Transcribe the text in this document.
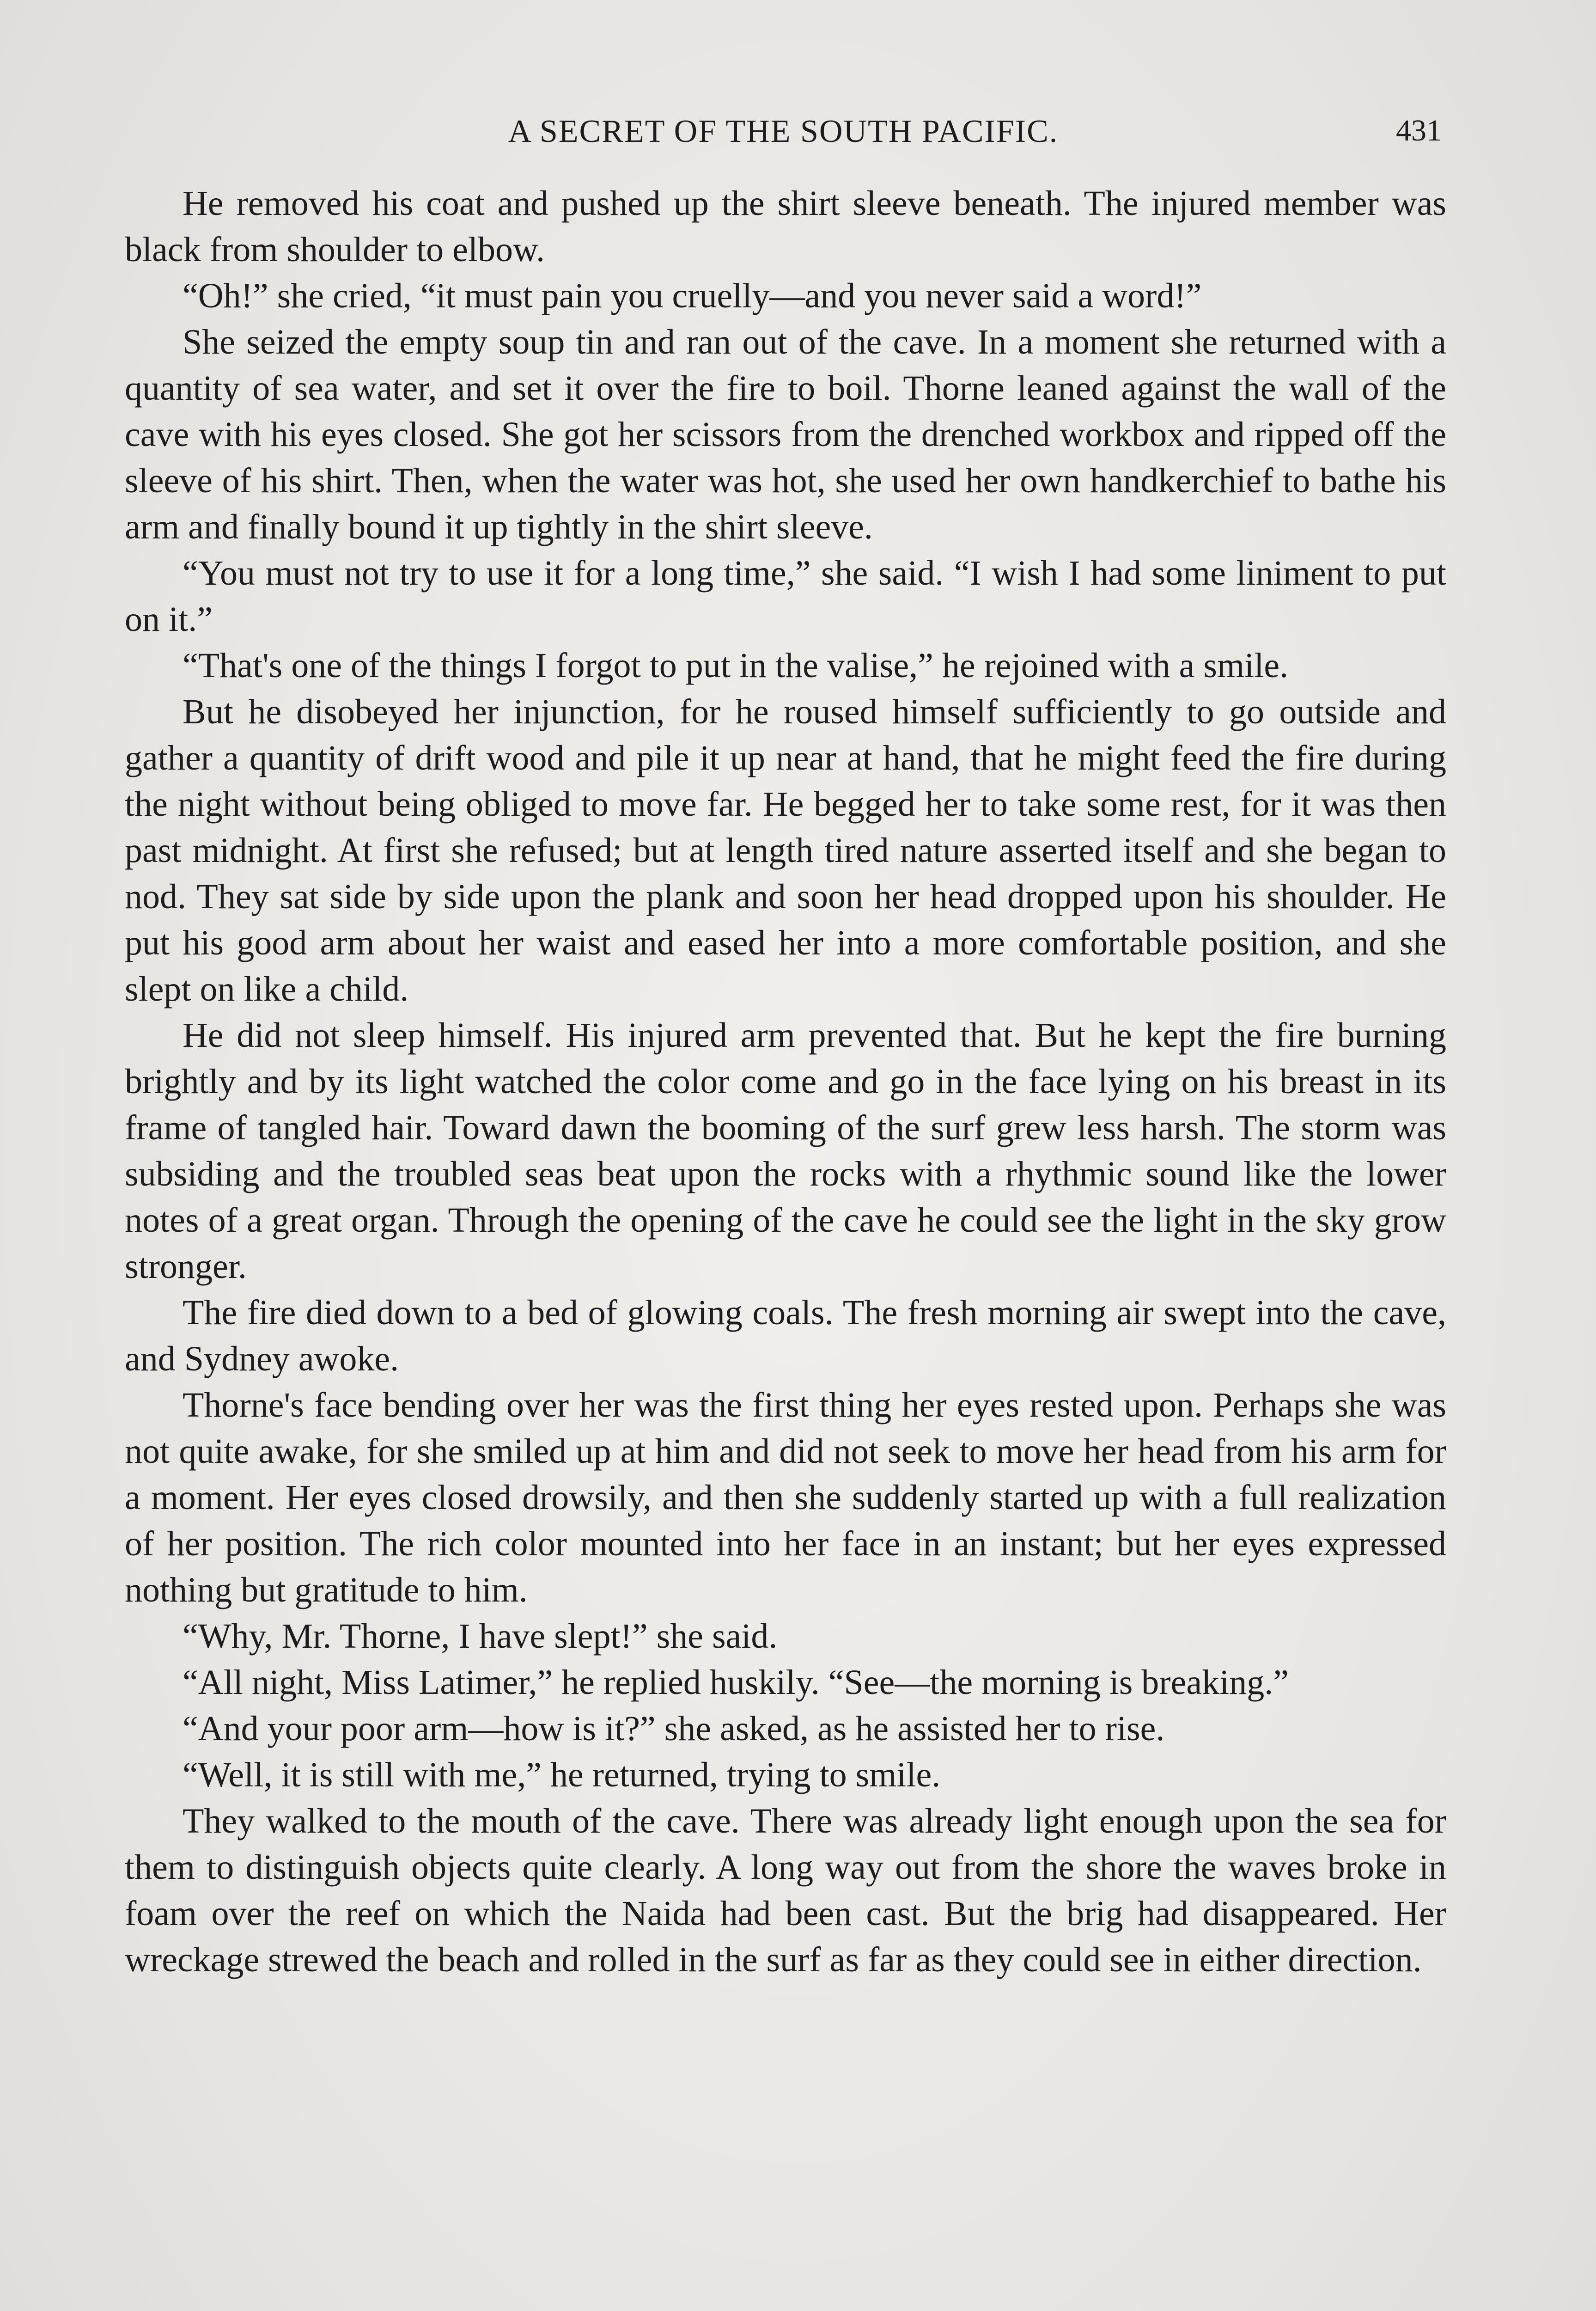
A SECRET OF THE SOUTH PACIFIC.	431

He removed his coat and pushed up the shirt sleeve beneath. The injured member was black from shoulder to elbow.

“Oh!” she cried, “it must pain you cruelly—and you never said a word!”

She seized the empty soup tin and ran out of the cave. In a moment she returned with a quantity of sea water, and set it over the fire to boil. Thorne leaned against the wall of the cave with his eyes closed. She got her scissors from the drenched workbox and ripped off the sleeve of his shirt. Then, when the water was hot, she used her own handkerchief to bathe his arm and finally bound it up tightly in the shirt sleeve.

“You must not try to use it for a long time,” she said. “I wish I had some liniment to put on it.”

“That's one of the things I forgot to put in the valise,” he rejoined with a smile.

But he disobeyed her injunction, for he roused himself sufficiently to go outside and gather a quantity of drift wood and pile it up near at hand, that he might feed the fire during the night without being obliged to move far. He begged her to take some rest, for it was then past midnight. At first she refused; but at length tired nature asserted itself and she began to nod. They sat side by side upon the plank and soon her head dropped upon his shoulder. He put his good arm about her waist and eased her into a more comfortable position, and she slept on like a child.

He did not sleep himself. His injured arm prevented that. But he kept the fire burning brightly and by its light watched the color come and go in the face lying on his breast in its frame of tangled hair. Toward dawn the booming of the surf grew less harsh. The storm was subsiding and the troubled seas beat upon the rocks with a rhythmic sound like the lower notes of a great organ. Through the opening of the cave he could see the light in the sky grow stronger.

The fire died down to a bed of glowing coals. The fresh morning air swept into the cave, and Sydney awoke.

Thorne's face bending over her was the first thing her eyes rested upon. Perhaps she was not quite awake, for she smiled up at him and did not seek to move her head from his arm for a moment. Her eyes closed drowsily, and then she suddenly started up with a full realization of her position. The rich color mounted into her face in an instant; but her eyes expressed nothing but gratitude to him.

“Why, Mr. Thorne, I have slept!” she said.

“All night, Miss Latimer,” he replied huskily. “See—the morning is breaking.”

“And your poor arm—how is it?” she asked, as he assisted her to rise.

“Well, it is still with me,” he returned, trying to smile.

They walked to the mouth of the cave. There was already light enough upon the sea for them to distinguish objects quite clearly. A long way out from the shore the waves broke in foam over the reef on which the Naida had been cast. But the brig had disappeared. Her wreckage strewed the beach and rolled in the surf as far as they could see in either direction.
